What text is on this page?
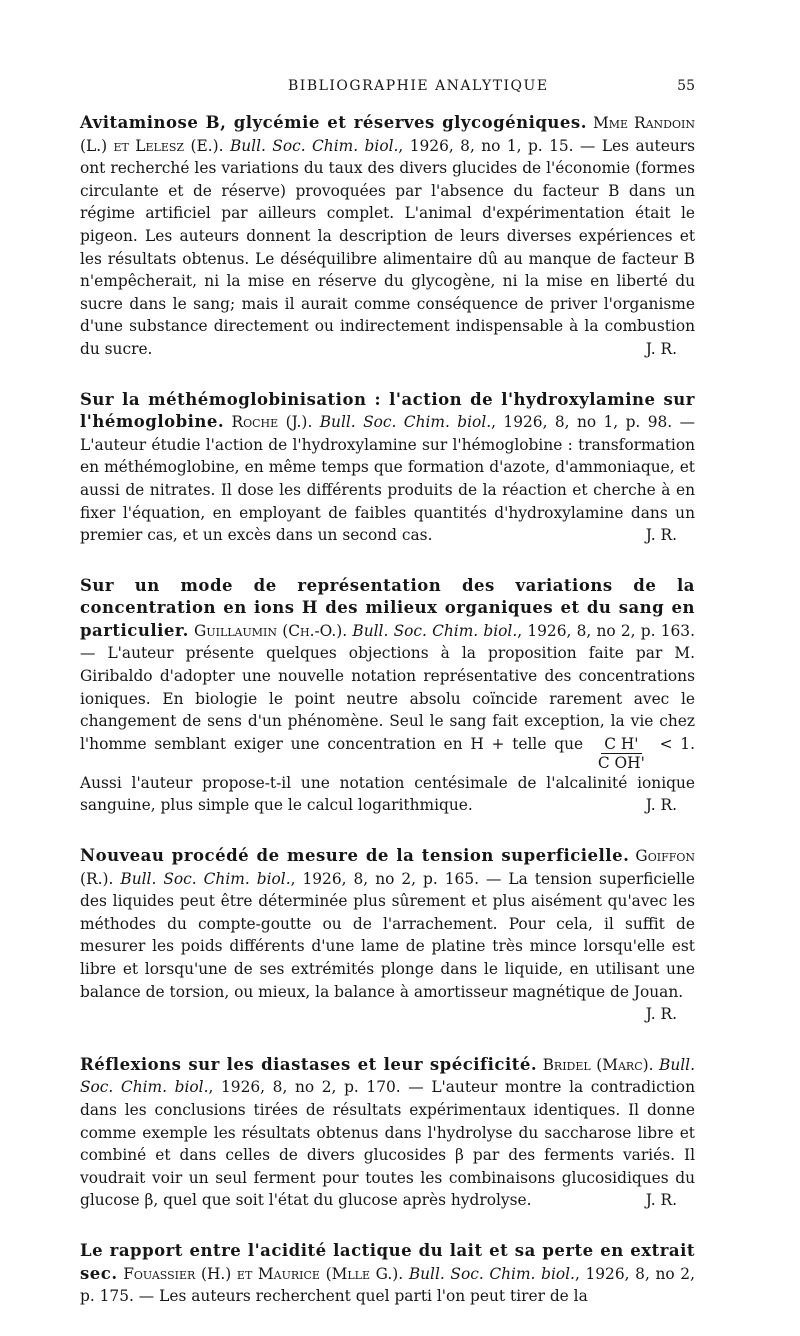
BIBLIOGRAPHIE ANALYTIQUE	55
Avitaminose B, glycémie et réserves glycogéniques. Mme Randoin (L.) et Lelesz (E.). Bull. Soc. Chim. biol., 1926, 8, no 1, p. 15. — Les auteurs ont recherché les variations du taux des divers glucides de l'économie (formes circulante et de réserve) provoquées par l'absence du facteur B dans un régime artificiel par ailleurs complet. L'animal d'expérimentation était le pigeon. Les auteurs donnent la description de leurs diverses expériences et les résultats obtenus. Le déséquilibre alimentaire dû au manque de facteur B n'empêcherait, ni la mise en réserve du glycogène, ni la mise en liberté du sucre dans le sang; mais il aurait comme conséquence de priver l'organisme d'une substance directement ou indirectement indispensable à la combustion du sucre.	J. R.
Sur la méthémoglobinisation : l'action de l'hydroxylamine sur l'hémoglobine. Roche (J.). Bull. Soc. Chim. biol., 1926, 8, no 1, p. 98. — L'auteur étudie l'action de l'hydroxylamine sur l'hémoglobine : transformation en méthémoglobine, en même temps que formation d'azote, d'ammoniaque, et aussi de nitrates. Il dose les différents produits de la réaction et cherche à en fixer l'équation, en employant de faibles quantités d'hydroxylamine dans un premier cas, et un excès dans un second cas.	J. R.
Sur un mode de représentation des variations de la concentration en ions H des milieux organiques et du sang en particulier. Guillaumin (Ch.-O.). Bull. Soc. Chim. biol., 1926, 8, no 2, p. 163. — L'auteur présente quelques objections à la proposition faite par M. Giribaldo d'adopter une nouvelle notation représentative des concentrations ioniques. En biologie le point neutre absolu coïncide rarement avec le changement de sens d'un phénomène. Seul le sang fait exception, la vie chez l'homme semblant exiger une concentration en H + telle que $\frac{\text{C H'}}{\text{C OH'}} < 1$. Aussi l'auteur propose-t-il une notation centésimale de l'alcalinité ionique sanguine, plus simple que le calcul logarithmique.	J. R.
Nouveau procédé de mesure de la tension superficielle. Goiffon (R.). Bull. Soc. Chim. biol., 1926, 8, no 2, p. 165. — La tension superficielle des liquides peut être déterminée plus sûrement et plus aisément qu'avec les méthodes du compte-goutte ou de l'arrachement. Pour cela, il suffit de mesurer les poids différents d'une lame de platine très mince lorsqu'elle est libre et lorsqu'une de ses extrémités plonge dans le liquide, en utilisant une balance de torsion, ou mieux, la balance à amortisseur magnétique de Jouan.
J. R.
Réflexions sur les diastases et leur spécificité. Bridel (Marc). Bull. Soc. Chim. biol., 1926, 8, no 2, p. 170. — L'auteur montre la contradiction dans les conclusions tirées de résultats expérimentaux identiques. Il donne comme exemple les résultats obtenus dans l'hydrolyse du saccharose libre et combiné et dans celles de divers glucosides β par des ferments variés. Il voudrait voir un seul ferment pour toutes les combinaisons glucosidiques du glucose β, quel que soit l'état du glucose après hydrolyse.	J. R.
Le rapport entre l'acidité lactique du lait et sa perte en extrait sec. Fouassier (H.) et Maurice (Mlle G.). Bull. Soc. Chim. biol., 1926, 8, no 2, p. 175. — Les auteurs recherchent quel parti l'on peut tirer de la
